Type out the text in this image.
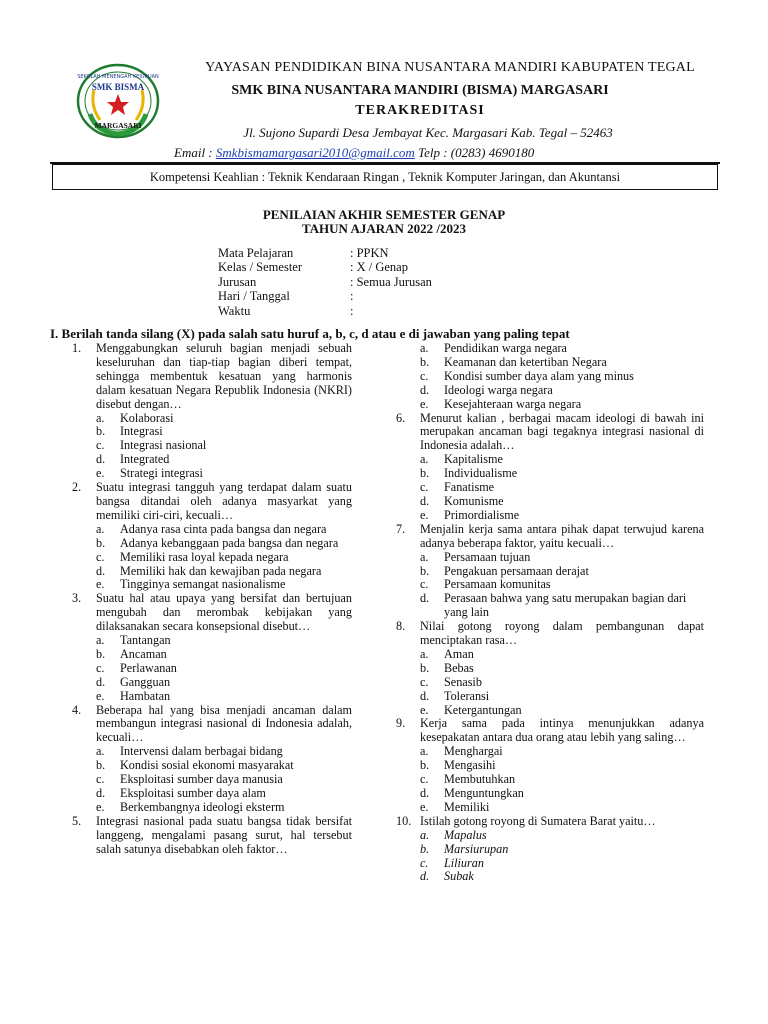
SEKOLAH MENENGAH KEJURUAN
SMK BISMA
MARGASARI
YAYASAN PENDIDIKAN BINA NUSANTARA MANDIRI KABUPATEN TEGAL
SMK BINA NUSANTARA MANDIRI (BISMA) MARGASARI
TERAKREDITASI
Jl. Sujono Supardi Desa Jembayat Kec. Margasari Kab. Tegal – 52463
Email : Smkbismamargasari2010@gmail.com Telp : (0283) 4690180
Kompetensi Keahlian : Teknik Kendaraan Ringan , Teknik Komputer Jaringan, dan Akuntansi
PENILAIAN AKHIR SEMESTER GENAP
TAHUN AJARAN 2022 /2023
Mata Pelajaran	: PPKN
Kelas / Semester	: X / Genap
Jurusan	: Semua Jurusan
Hari / Tanggal	:
Waktu	:
I. Berilah tanda silang (X) pada salah satu huruf a, b, c, d atau e di jawaban yang paling tepat
1.	Menggabungkan seluruh bagian menjadi sebuah keseluruhan dan tiap-tiap bagian diberi tempat, sehingga membentuk kesatuan yang harmonis dalam kesatuan Negara Republik Indonesia (NKRI) disebut dengan…
a.	Kolaborasi
b.	Integrasi
c.	Integrasi nasional
d.	Integrated
e.	Strategi integrasi
2.	Suatu integrasi tangguh yang terdapat dalam suatu bangsa ditandai oleh adanya masyarkat yang memiliki ciri-ciri, kecuali…
a.	Adanya rasa cinta pada bangsa dan negara
b.	Adanya kebanggaan pada bangsa dan negara
c.	Memiliki rasa loyal kepada negara
d.	Memiliki hak dan kewajiban pada negara
e.	Tingginya semangat nasionalisme
3.	Suatu hal atau upaya yang bersifat dan bertujuan mengubah dan merombak kebijakan yang dilaksanakan secara konsepsional disebut…
a.	Tantangan
b.	Ancaman
c.	Perlawanan
d.	Gangguan
e.	Hambatan
4.	Beberapa hal yang bisa menjadi ancaman dalam membangun integrasi nasional di Indonesia adalah, kecuali…
a.	Intervensi dalam berbagai bidang
b.	Kondisi sosial ekonomi masyarakat
c.	Eksploitasi sumber daya manusia
d.	Eksploitasi sumber daya alam
e.	Berkembangnya ideologi eksterm
5.	Integrasi nasional pada suatu bangsa tidak bersifat langgeng, mengalami pasang surut, hal tersebut salah satunya disebabkan oleh faktor…
a.	Pendidikan warga negara
b.	Keamanan dan ketertiban Negara
c.	Kondisi sumber daya alam yang minus
d.	Ideologi warga negara
e.	Kesejahteraan warga negara
6.	Menurut kalian , berbagai macam ideologi di bawah ini merupakan ancaman bagi tegaknya integrasi nasional di Indonesia adalah…
a.	Kapitalisme
b.	Individualisme
c.	Fanatisme
d.	Komunisme
e.	Primordialisme
7.	Menjalin kerja sama antara pihak dapat terwujud karena adanya beberapa faktor, yaitu kecuali…
a.	Persamaan tujuan
b.	Pengakuan persamaan derajat
c.	Persamaan komunitas
d.	Perasaan bahwa yang satu merupakan bagian dari yang lain
8.	Nilai gotong royong dalam pembangunan dapat menciptakan rasa…
a.	Aman
b.	Bebas
c.	Senasib
d.	Toleransi
e.	Ketergantungan
9.	Kerja sama pada intinya menunjukkan adanya kesepakatan antara dua orang atau lebih yang saling…
a.	Menghargai
b.	Mengasihi
c.	Membutuhkan
d.	Menguntungkan
e.	Memiliki
10. Istilah gotong royong di Sumatera Barat yaitu…
a.	Mapalus
b.	Marsiurupan
c.	Liliuran
d.	Subak
